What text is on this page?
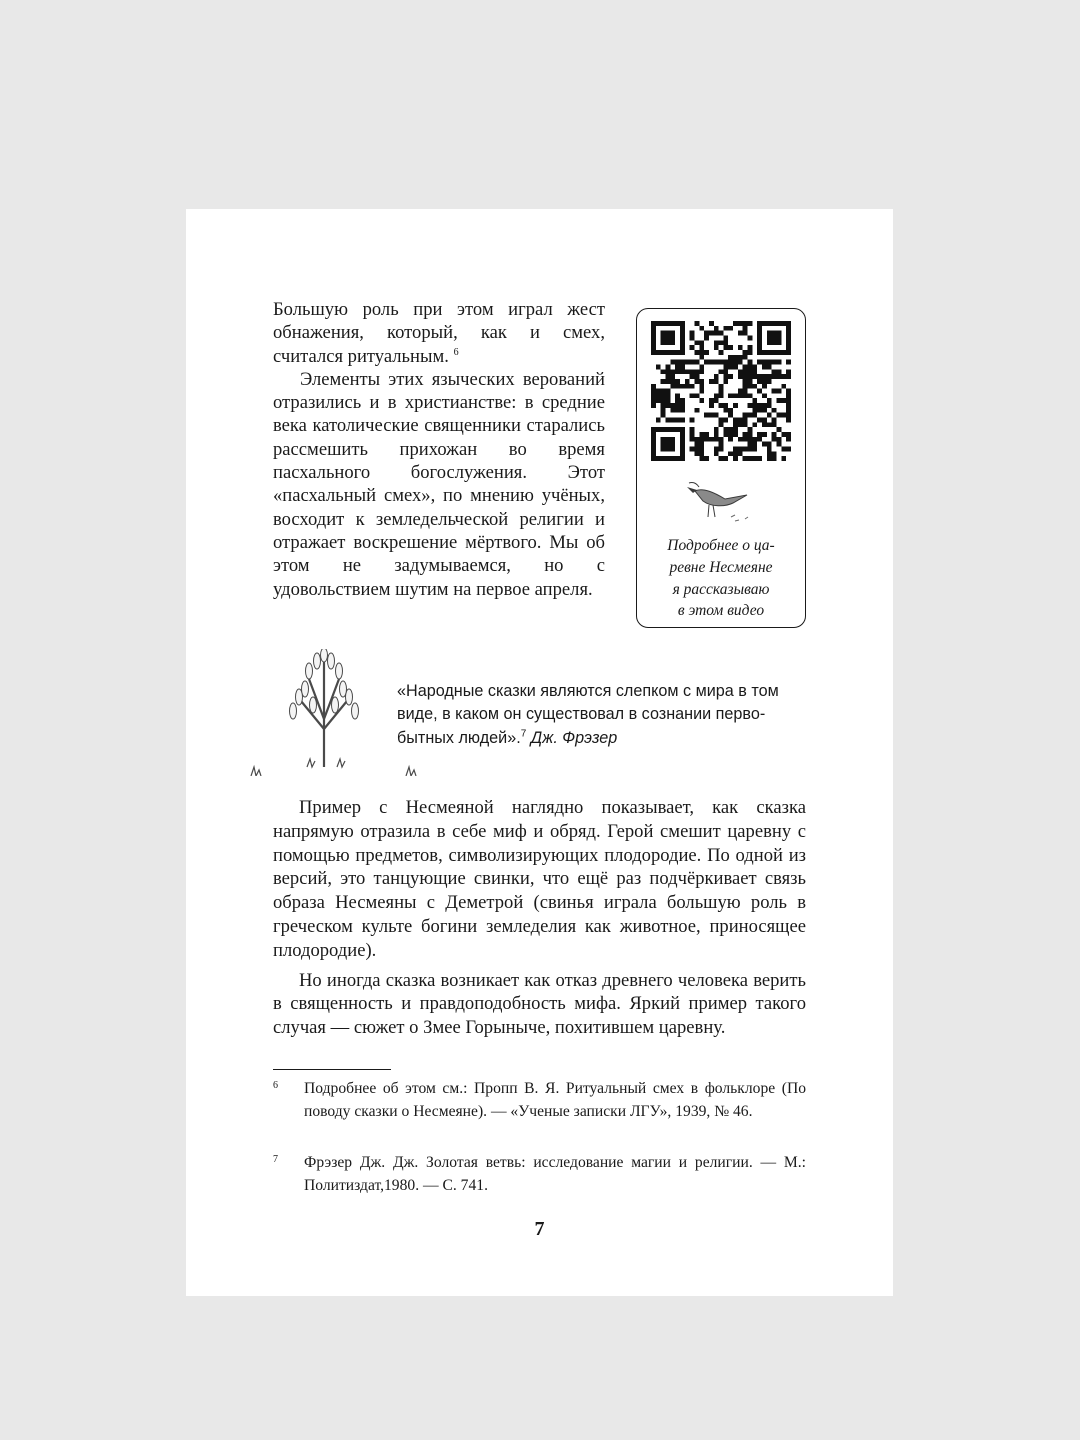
Большую роль при этом играл жест обнажения, который, как и смех, считался ритуальным. $^6$

Элементы этих языческих верований отразились и в христианстве: в средние века католические священники старались рассмешить прихожан во время пасхального богослужения. Этот «пасхальный смех», по мнению учёных, восходит к земледельческой религии и отражает воскрешение мёртвого. Мы об этом не задумываемся, но с удовольствием шутим на первое апреля.

Подробнее о ца-
ревне Несмеяне
я рассказываю
в этом видео
«Народные сказки являются слепком с мира в том
виде, в каком он существовал в сознании перво-
бытных людей».$^7$ Дж. Фрэзер

Пример с Несмеяной наглядно показывает, как сказка напрямую отразила в себе миф и обряд. Герой смешит царевну с помощью предметов, символизирующих плодородие. По одной из версий, это танцующие свинки, что ещё раз подчёркивает связь образа Несмеяны с Деметрой (свинья играла большую роль в греческом культе богини земледелия как животное, приносящее плодородие).

Но иногда сказка возникает как отказ древнего человека верить в священность и правдоподобность мифа. Яркий пример такого случая — сюжет о Змее Горыныче, похитившем царевну.

6 Подробнее об этом см.: Пропп В. Я. Ритуальный смех в фольклоре (По поводу сказки о Несмеяне). — «Ученые записки ЛГУ», 1939, № 46.
7 Фрэзер Дж. Дж. Золотая ветвь: исследование магии и религии. — М.: Политиздат,1980. — С. 741.
7
